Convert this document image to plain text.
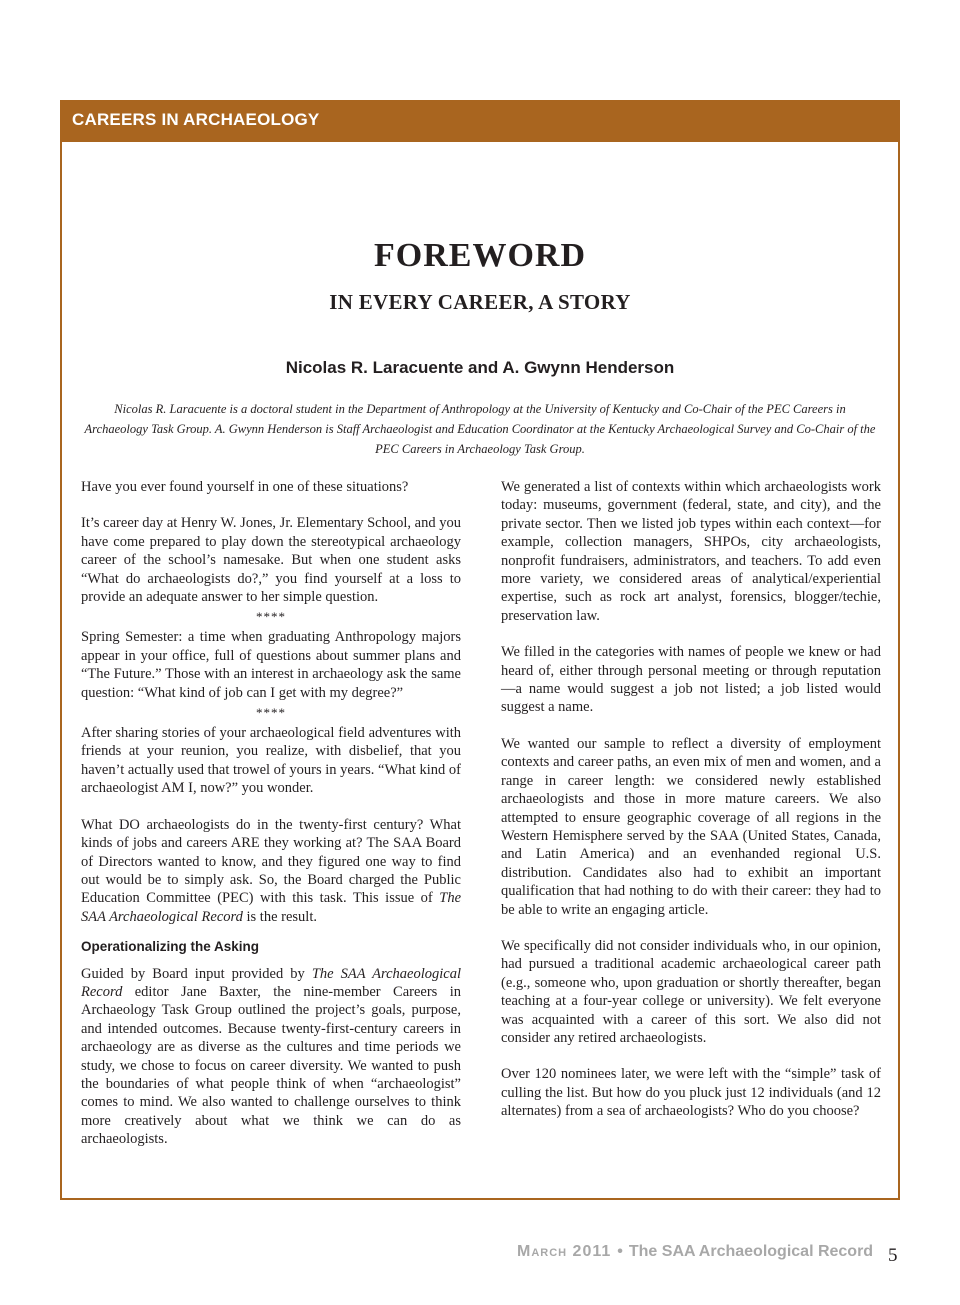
CAREERS IN ARCHAEOLOGY
FOREWORD
IN EVERY CAREER, A STORY
Nicolas R. Laracuente and A. Gwynn Henderson

Nicolas R. Laracuente is a doctoral student in the Department of Anthropology at the University of Kentucky and Co-Chair of the PEC Careers in Archaeology Task Group. A. Gwynn Henderson is Staff Archaeologist and Education Coordinator at the Kentucky Archaeological Survey and Co-Chair of the PEC Careers in Archaeology Task Group.

Have you ever found yourself in one of these situations?

It’s career day at Henry W. Jones, Jr. Elementary School, and you have come prepared to play down the stereotypical archaeology career of the school’s namesake. But when one student asks “What do archaeologists do?,” you find yourself at a loss to provide an adequate answer to her simple question.

****

Spring Semester: a time when graduating Anthropology majors appear in your office, full of questions about summer plans and “The Future.” Those with an interest in archaeology ask the same question: “What kind of job can I get with my degree?”

****

After sharing stories of your archaeological field adventures with friends at your reunion, you realize, with disbelief, that you haven’t actually used that trowel of yours in years. “What kind of archaeologist AM I, now?” you wonder.

What DO archaeologists do in the twenty-first century? What kinds of jobs and careers ARE they working at? The SAA Board of Directors wanted to know, and they figured one way to find out would be to simply ask. So, the Board charged the Public Education Committee (PEC) with this task. This issue of The SAA Archaeological Record is the result.

Operationalizing the Asking

Guided by Board input provided by The SAA Archaeological Record editor Jane Baxter, the nine-member Careers in Archaeology Task Group outlined the project’s goals, purpose, and intended outcomes. Because twenty-first-century careers in archaeology are as diverse as the cultures and time periods we study, we chose to focus on career diversity. We wanted to push the boundaries of what people think of when “archaeologist” comes to mind. We also wanted to challenge ourselves to think more creatively about what we think we can do as archaeologists.

We generated a list of contexts within which archaeologists work today: museums, government (federal, state, and city), and the private sector. Then we listed job types within each context—for example, collection managers, SHPOs, city archaeologists, nonprofit fundraisers, administrators, and teachers. To add even more variety, we considered areas of analytical/experiential expertise, such as rock art analyst, forensics, blogger/techie, preservation law.

We filled in the categories with names of people we knew or had heard of, either through personal meeting or through reputation—a name would suggest a job not listed; a job listed would suggest a name.

We wanted our sample to reflect a diversity of employment contexts and career paths, an even mix of men and women, and a range in career length: we considered newly established archaeologists and those in more mature careers. We also attempted to ensure geographic coverage of all regions in the Western Hemisphere served by the SAA (United States, Canada, and Latin America) and an evenhanded regional U.S. distribution. Candidates also had to exhibit an important qualification that had nothing to do with their career: they had to be able to write an engaging article.

We specifically did not consider individuals who, in our opinion, had pursued a traditional academic archaeological career path (e.g., someone who, upon graduation or shortly thereafter, began teaching at a four-year college or university). We felt everyone was acquainted with a career of this sort. We also did not consider any retired archaeologists.

Over 120 nominees later, we were left with the “simple” task of culling the list. But how do you pluck just 12 individuals (and 12 alternates) from a sea of archaeologists? Who do you choose?

March 2011 • The SAA Archaeological Record 5
